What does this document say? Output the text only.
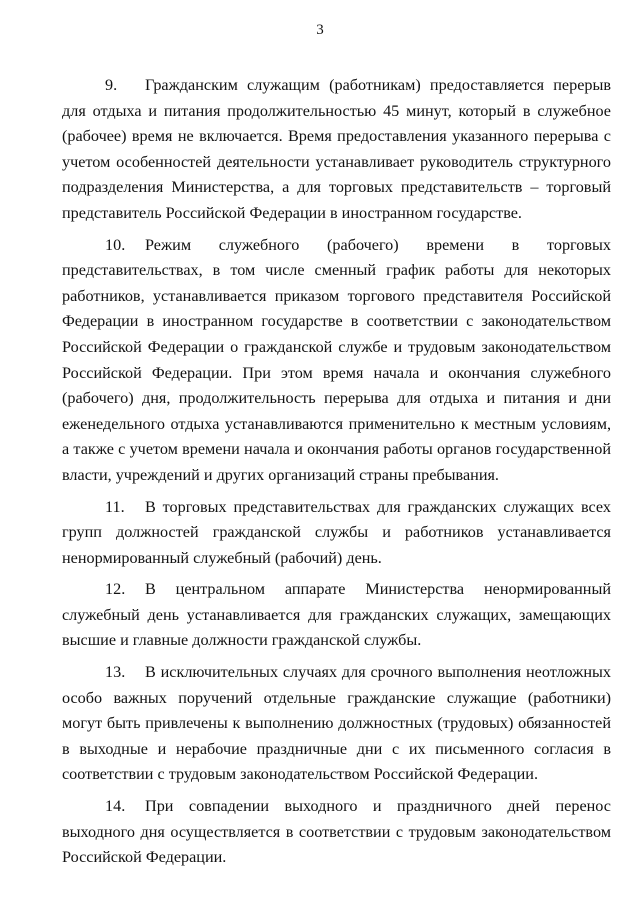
3

9. Гражданским служащим (работникам) предоставляется перерыв для отдыха и питания продолжительностью 45 минут, который в служебное (рабочее) время не включается. Время предоставления указанного перерыва с учетом особенностей деятельности устанавливает руководитель структурного подразделения Министерства, а для торговых представительств – торговый представитель Российской Федерации в иностранном государстве.

10. Режим служебного (рабочего) времени в торговых представительствах, в том числе сменный график работы для некоторых работников, устанавливается приказом торгового представителя Российской Федерации в иностранном государстве в соответствии с законодательством Российской Федерации о гражданской службе и трудовым законодательством Российской Федерации. При этом время начала и окончания служебного (рабочего) дня, продолжительность перерыва для отдыха и питания и дни еженедельного отдыха устанавливаются применительно к местным условиям, а также с учетом времени начала и окончания работы органов государственной власти, учреждений и других организаций страны пребывания.

11. В торговых представительствах для гражданских служащих всех групп должностей гражданской службы и работников устанавливается ненормированный служебный (рабочий) день.

12. В центральном аппарате Министерства ненормированный служебный день устанавливается для гражданских служащих, замещающих высшие и главные должности гражданской службы.

13. В исключительных случаях для срочного выполнения неотложных особо важных поручений отдельные гражданские служащие (работники) могут быть привлечены к выполнению должностных (трудовых) обязанностей в выходные и нерабочие праздничные дни с их письменного согласия в соответствии с трудовым законодательством Российской Федерации.

14. При совпадении выходного и праздничного дней перенос выходного дня осуществляется в соответствии с трудовым законодательством Российской Федерации.
